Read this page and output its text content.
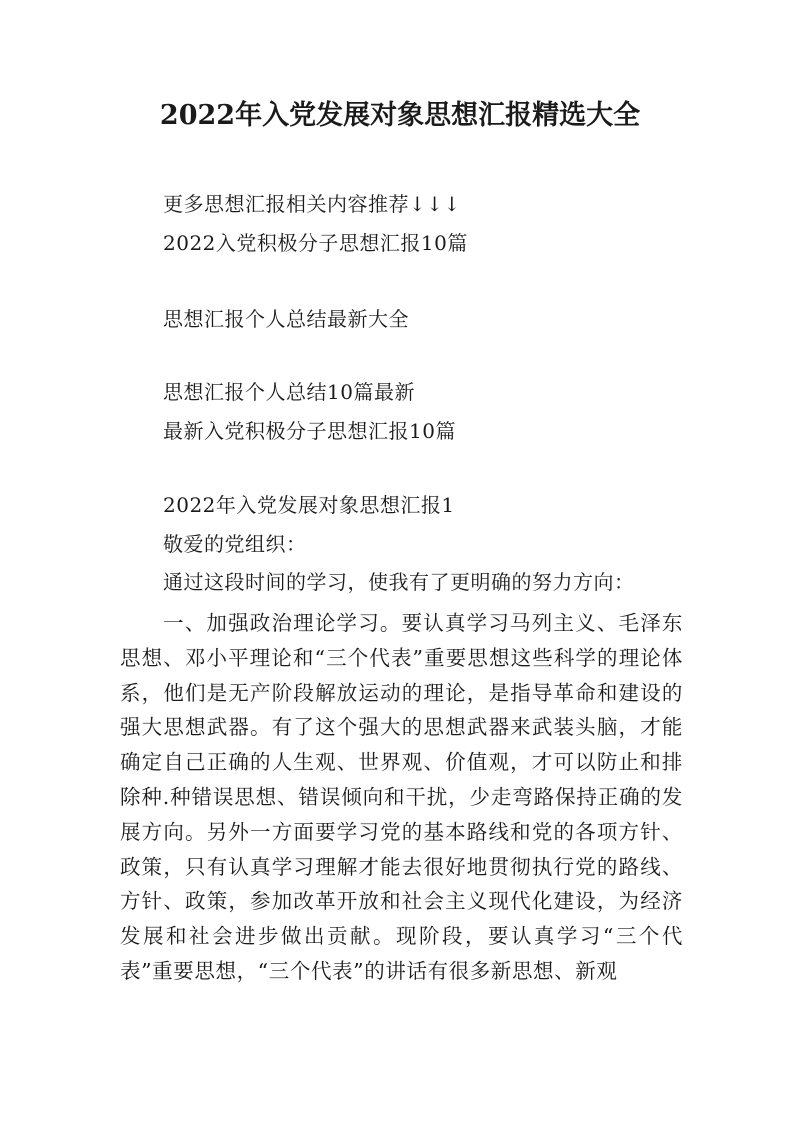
2022年入党发展对象思想汇报精选大全
更多思想汇报相关内容推荐↓↓↓
2022入党积极分子思想汇报10篇
思想汇报个人总结最新大全
思想汇报个人总结10篇最新
最新入党积极分子思想汇报10篇
2022年入党发展对象思想汇报1
敬爱的党组织：
通过这段时间的学习，使我有了更明确的努力方向：
一、加强政治理论学习。要认真学习马列主义、毛泽东思想、邓小平理论和“三个代表”重要思想这些科学的理论体系，他们是无产阶段解放运动的理论，是指导革命和建设的强大思想武器。有了这个强大的思想武器来武装头脑，才能确定自己正确的人生观、世界观、价值观，才可以防止和排除种.种错误思想、错误倾向和干扰，少走弯路保持正确的发展方向。另外一方面要学习党的基本路线和党的各项方针、政策，只有认真学习理解才能去很好地贯彻执行党的路线、方针、政策，参加改革开放和社会主义现代化建设，为经济发展和社会进步做出贡献。现阶段，要认真学习“三个代表”重要思想，“三个代表”的讲话有很多新思想、新观
